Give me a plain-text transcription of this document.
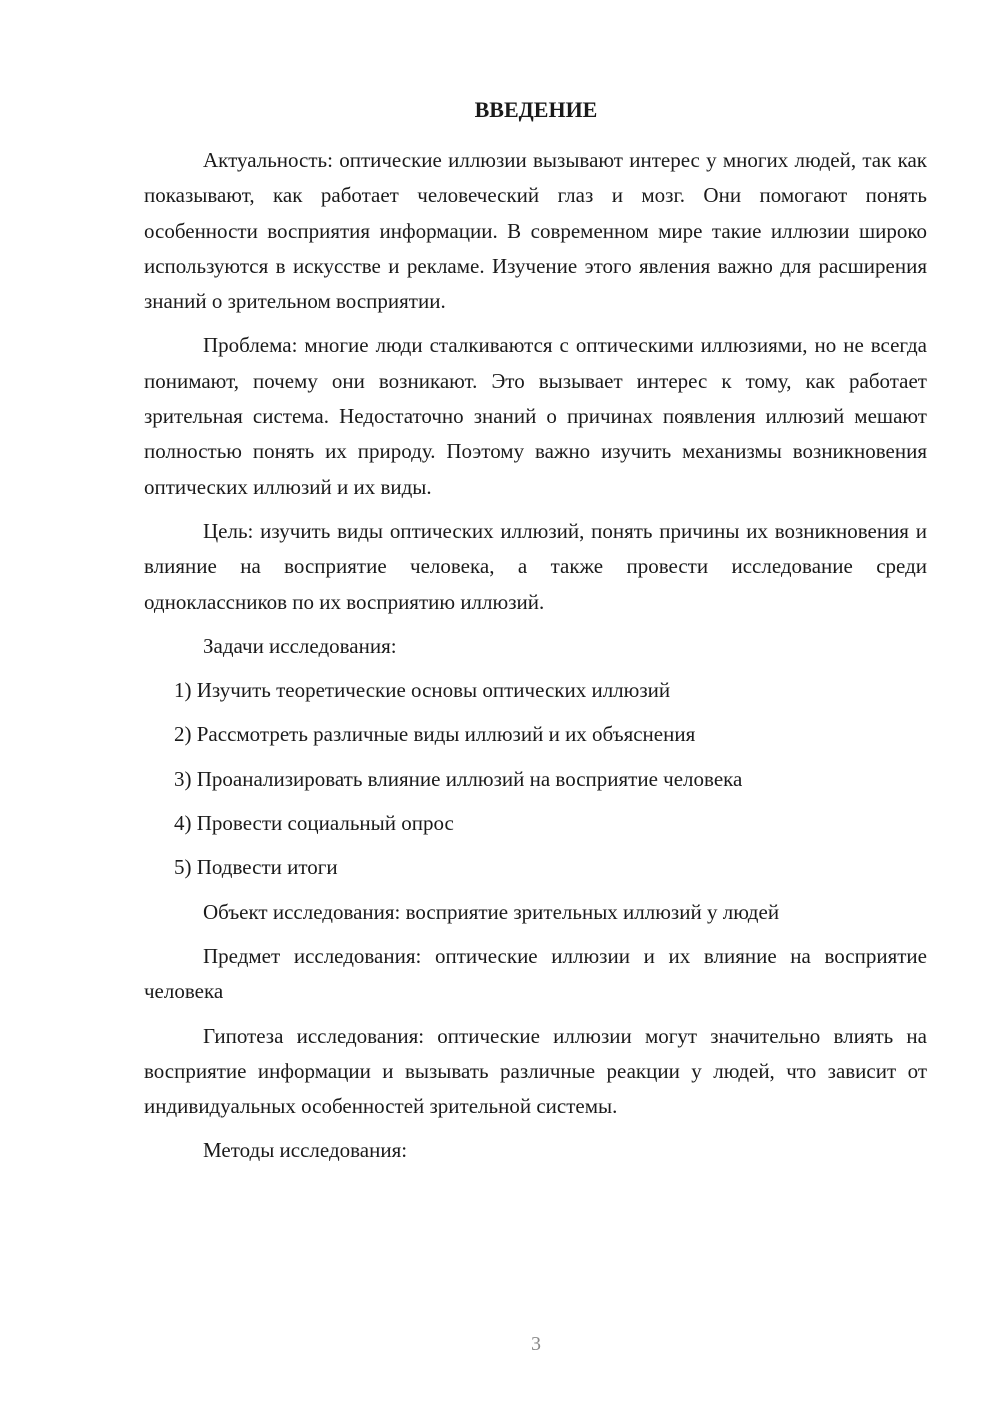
ВВЕДЕНИЕ

Актуальность: оптические иллюзии вызывают интерес у многих людей, так как показывают, как работает человеческий глаз и мозг. Они помогают понять особенности восприятия информации. В современном мире такие иллюзии широко используются в искусстве и рекламе. Изучение этого явления важно для расширения знаний о зрительном восприятии.

Проблема: многие люди сталкиваются с оптическими иллюзиями, но не всегда понимают, почему они возникают. Это вызывает интерес к тому, как работает зрительная система. Недостаточно знаний о причинах появления иллюзий мешают полностью понять их природу. Поэтому важно изучить механизмы возникновения оптических иллюзий и их виды.

Цель: изучить виды оптических иллюзий, понять причины их возникновения и влияние на восприятие человека, а также провести исследование среди одноклассников по их восприятию иллюзий.

Задачи исследования:

1) Изучить теоретические основы оптических иллюзий

2) Рассмотреть различные виды иллюзий и их объяснения

3) Проанализировать влияние иллюзий на восприятие человека

4) Провести социальный опрос

5) Подвести итоги

Объект исследования: восприятие зрительных иллюзий у людей

Предмет исследования: оптические иллюзии и их влияние на восприятие человека

Гипотеза исследования: оптические иллюзии могут значительно влиять на восприятие информации и вызывать различные реакции у людей, что зависит от индивидуальных особенностей зрительной системы.

Методы исследования:

3
